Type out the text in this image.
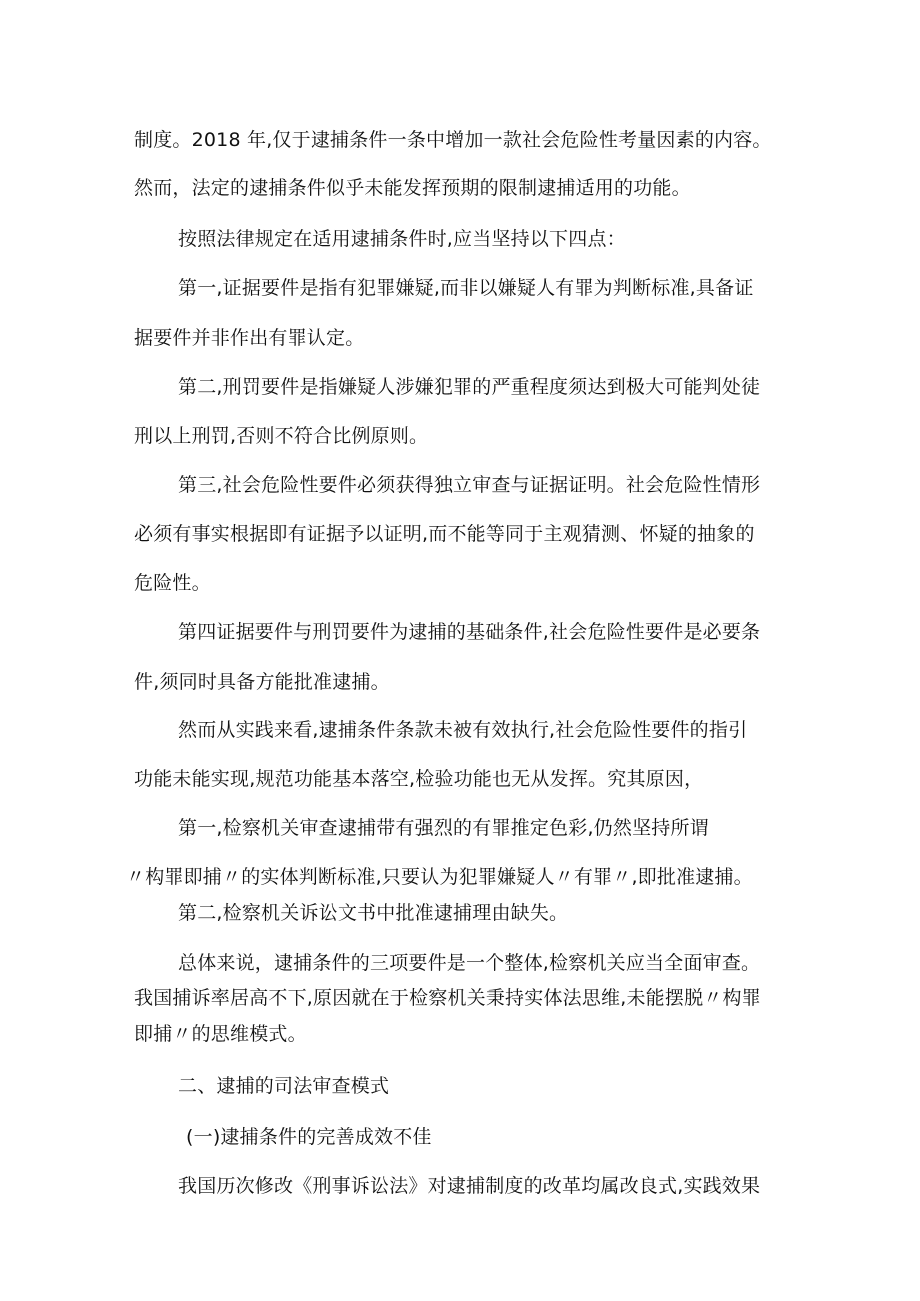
制度。2018 年,仅于逮捕条件一条中增加一款社会危险性考量因素的内容。
然而，法定的逮捕条件似乎未能发挥预期的限制逮捕适用的功能。
按照法律规定在适用逮捕条件时,应当坚持以下四点：
第一,证据要件是指有犯罪嫌疑,而非以嫌疑人有罪为判断标准,具备证
据要件并非作出有罪认定。
第二,刑罚要件是指嫌疑人涉嫌犯罪的严重程度须达到极大可能判处徒
刑以上刑罚,否则不符合比例原则。
第三,社会危险性要件必须获得独立审查与证据证明。社会危险性情形
必须有事实根据即有证据予以证明,而不能等同于主观猜测、怀疑的抽象的
危险性。
第四证据要件与刑罚要件为逮捕的基础条件,社会危险性要件是必要条
件,须同时具备方能批准逮捕。
然而从实践来看,逮捕条件条款未被有效执行,社会危险性要件的指引
功能未能实现,规范功能基本落空,检验功能也无从发挥。究其原因，
第一,检察机关审查逮捕带有强烈的有罪推定色彩,仍然坚持所谓
〃构罪即捕〃的实体判断标准,只要认为犯罪嫌疑人〃有罪〃,即批准逮捕。
第二,检察机关诉讼文书中批准逮捕理由缺失。
总体来说，逮捕条件的三项要件是一个整体,检察机关应当全面审查。
我国捕诉率居高不下,原因就在于检察机关秉持实体法思维,未能摆脱〃构罪
即捕〃的思维模式。
二、逮捕的司法审查模式
(一)逮捕条件的完善成效不佳
我国历次修改《刑事诉讼法》对逮捕制度的改革均属改良式,实践效果
